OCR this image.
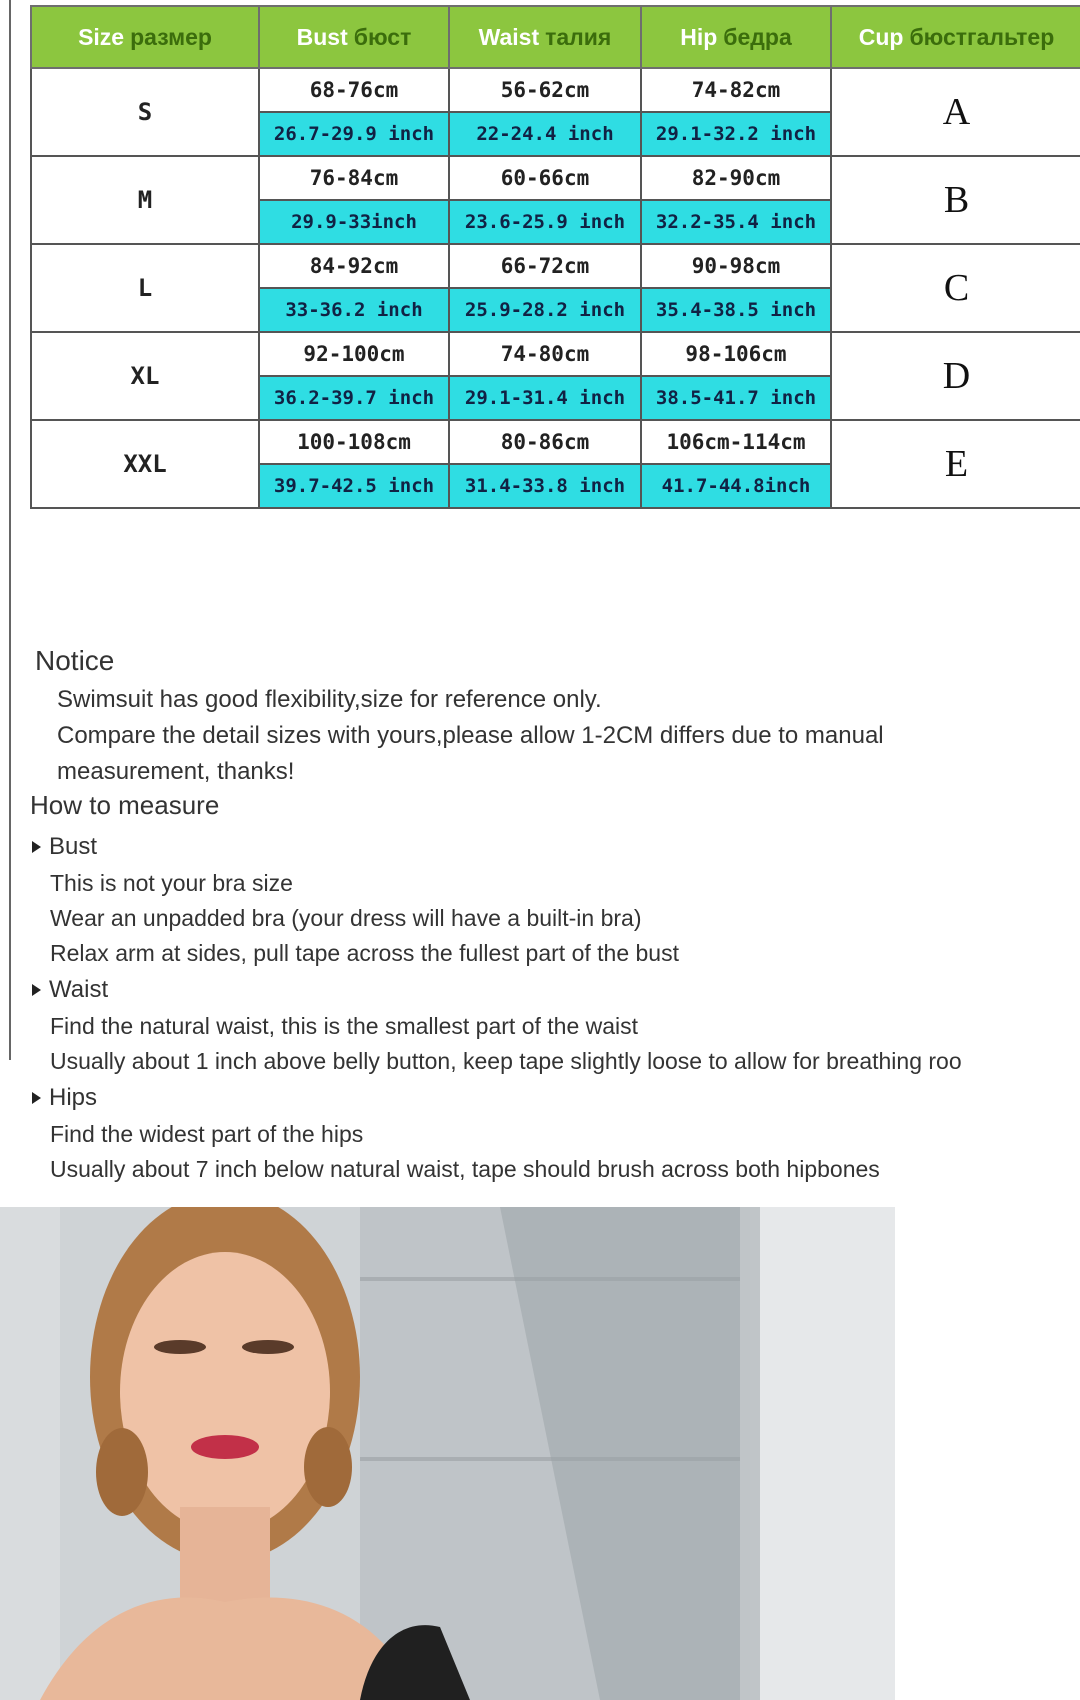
Size размер	Bust бюст	Waist талия	Hip бедра	Cup бюстгальтер
S	68-76cm	56-62cm	74-82cm	A
	26.7-29.9 inch	22-24.4 inch	29.1-32.2 inch	
M	76-84cm	60-66cm	82-90cm	B
	29.9-33inch	23.6-25.9 inch	32.2-35.4 inch	
L	84-92cm	66-72cm	90-98cm	C
	33-36.2 inch	25.9-28.2 inch	35.4-38.5 inch	
XL	92-100cm	74-80cm	98-106cm	D
	36.2-39.7 inch	29.1-31.4 inch	38.5-41.7 inch	
XXL	100-108cm	80-86cm	106cm-114cm	E
	39.7-42.5 inch	31.4-33.8 inch	41.7-44.8inch	
Notice
Swimsuit has good flexibility,size for reference only.
Compare the detail sizes with yours,please allow 1-2CM differs due to manual
measurement, thanks!
How to measure
Bust
This is not your bra size
Wear an unpadded bra (your dress will have a built-in bra)
Relax arm at sides, pull tape across the fullest part of the bust
Waist
Find the natural waist, this is the smallest part of the waist
Usually about 1 inch above belly button, keep tape slightly loose to allow for breathing roo
Hips
Find the widest part of the hips
Usually about 7 inch below natural waist, tape should brush across both hipbones
